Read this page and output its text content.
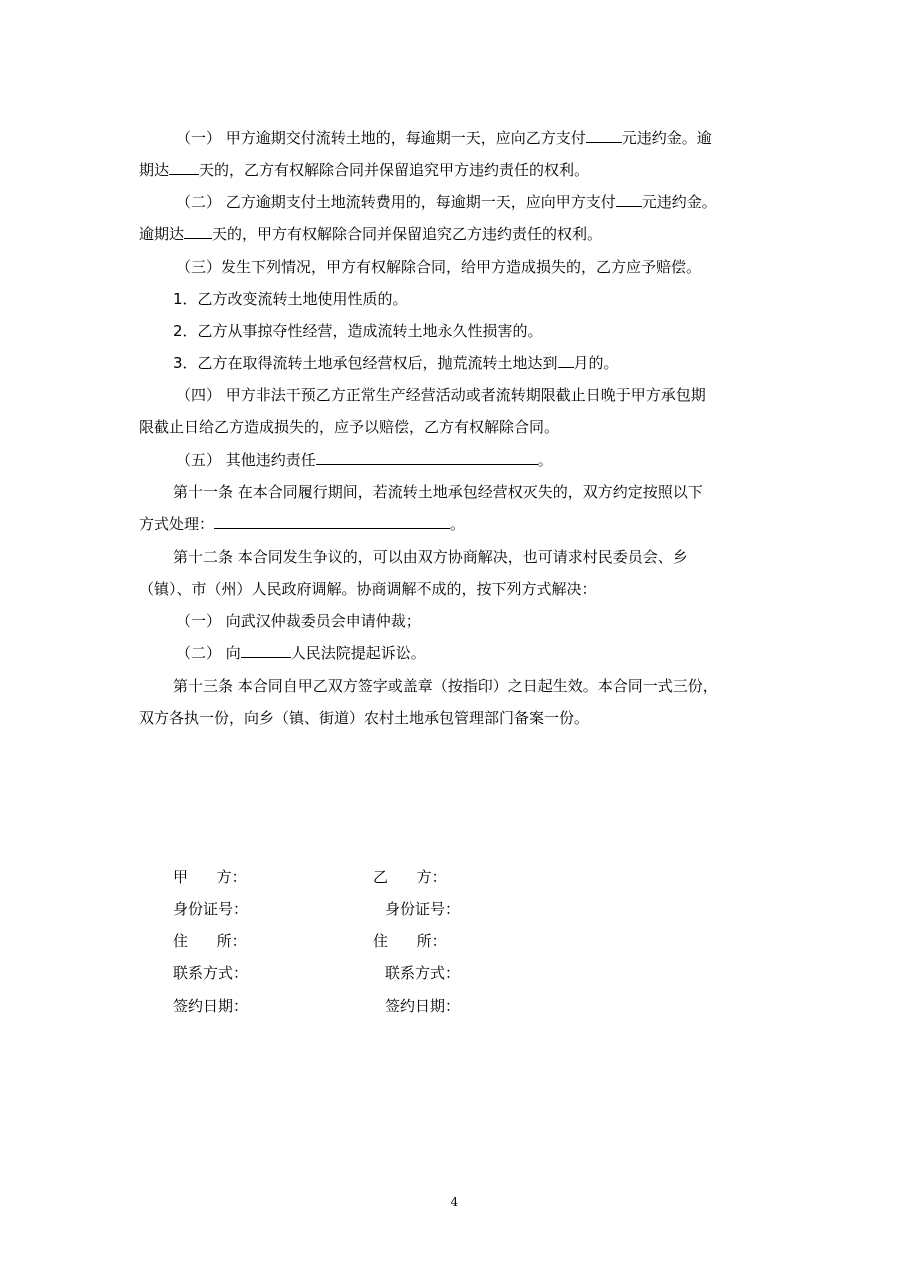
（一） 甲方逾期交付流转土地的，每逾期一天，应向乙方支付 元违约金。逾
期达 天的，乙方有权解除合同并保留追究甲方违约责任的权利。
（二） 乙方逾期支付土地流转费用的，每逾期一天，应向甲方支付 元违约金。
逾期达 天的，甲方有权解除合同并保留追究乙方违约责任的权利。
（三）发生下列情况，甲方有权解除合同，给甲方造成损失的，乙方应予赔偿。
1．乙方改变流转土地使用性质的。
2．乙方从事掠夺性经营，造成流转土地永久性损害的。
3．乙方在取得流转土地承包经营权后，抛荒流转土地达到 月的。
（四） 甲方非法干预乙方正常生产经营活动或者流转期限截止日晚于甲方承包期
限截止日给乙方造成损失的，应予以赔偿，乙方有权解除合同。
（五） 其他违约责任	。
第十一条 在本合同履行期间，若流转土地承包经营权灭失的，双方约定按照以下
方式处理：	。
第十二条 本合同发生争议的，可以由双方协商解决，也可请求村民委员会、乡
（镇）、市（州）人民政府调解。协商调解不成的，按下列方式解决：
（一） 向武汉仲裁委员会申请仲裁；
（二） 向	人民法院提起诉讼。
第十三条 本合同自甲乙双方签字或盖章（按指印）之日起生效。本合同一式三份，
双方各执一份，向乡（镇、街道）农村土地承包管理部门备案一份。
甲      方：	乙      方：
身份证号：	身份证号：
住      所：	住      所：
联系方式：	联系方式：
签约日期：	签约日期：
4
